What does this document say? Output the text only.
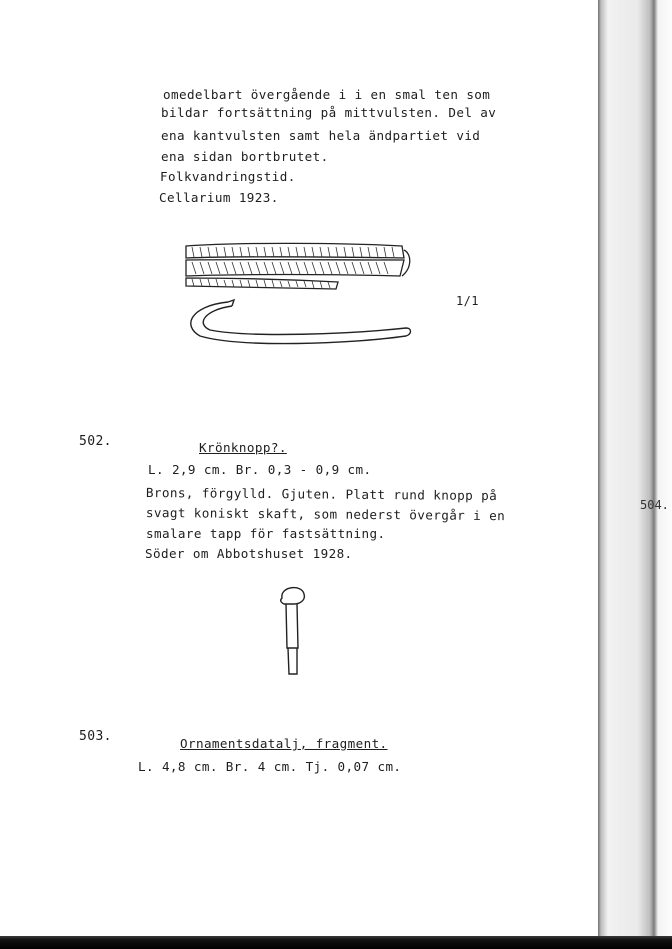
omedelbart övergående i i en smal ten som
bildar fortsättning på mittvulsten. Del av
ena kantvulsten samt hela ändpartiet vid
ena sidan bortbrutet.
Folkvandringstid.
Cellarium 1923.
1/1
502.	Krönknopp?.
L. 2,9 cm. Br. 0,3 - 0,9 cm.
Brons, förgylld. Gjuten. Platt rund knopp på
svagt koniskt skaft, som nederst övergår i en
smalare tapp för fastsättning.
Söder om Abbotshuset 1928.
503.	Ornamentsdatalj, fragment.
L. 4,8 cm. Br. 4 cm. Tj. 0,07 cm.
504.
